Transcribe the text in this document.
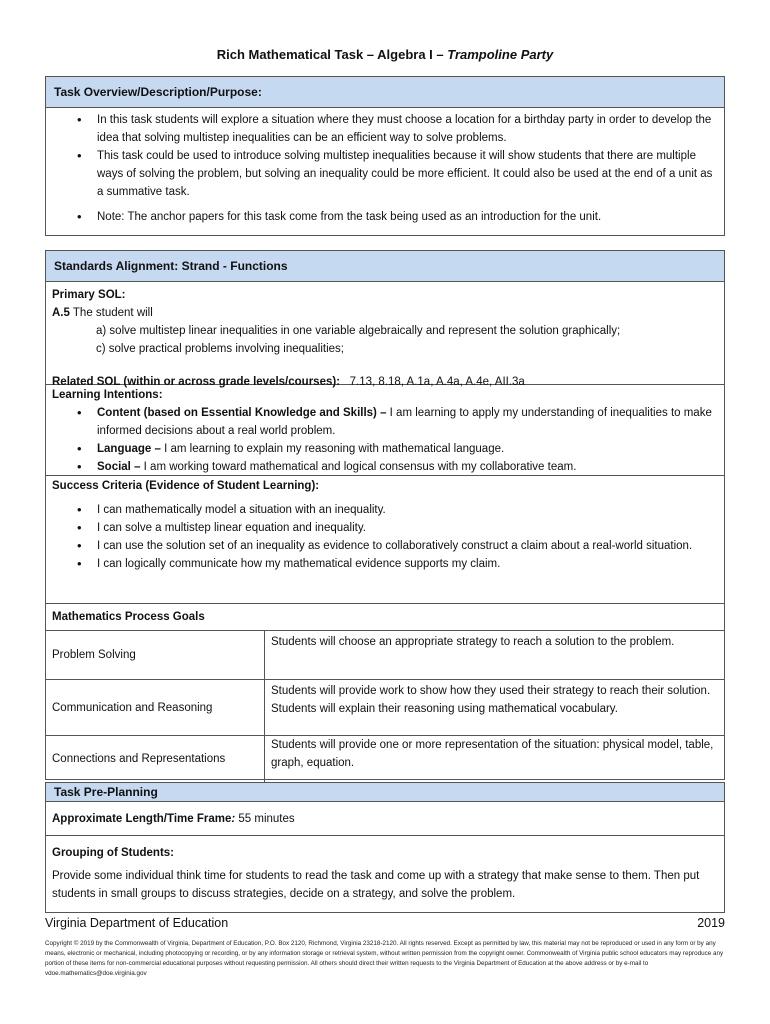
Rich Mathematical Task – Algebra I – Trampoline Party
Task Overview/Description/Purpose:
• In this task students will explore a situation where they must choose a location for a birthday party in order to develop the idea that solving multistep inequalities can be an efficient way to solve problems.
• This task could be used to introduce solving multistep inequalities because it will show students that there are multiple ways of solving the problem, but solving an inequality could be more efficient. It could also be used at the end of a unit as a summative task.
• Note: The anchor papers for this task come from the task being used as an introduction for the unit.
Standards Alignment: Strand - Functions
Primary SOL:
A.5 The student will
a) solve multistep linear inequalities in one variable algebraically and represent the solution graphically;
c) solve practical problems involving inequalities;
Related SOL (within or across grade levels/courses): 7.13, 8.18, A.1a, A.4a, A.4e, AII.3a
Learning Intentions:
• Content (based on Essential Knowledge and Skills) – I am learning to apply my understanding of inequalities to make informed decisions about a real world problem.
• Language – I am learning to explain my reasoning with mathematical language.
• Social – I am working toward mathematical and logical consensus with my collaborative team.
Success Criteria (Evidence of Student Learning):
• I can mathematically model a situation with an inequality.
• I can solve a multistep linear equation and inequality.
• I can use the solution set of an inequality as evidence to collaboratively construct a claim about a real-world situation.
• I can logically communicate how my mathematical evidence supports my claim.
Mathematics Process Goals
Problem Solving
Students will choose an appropriate strategy to reach a solution to the problem.
Communication and Reasoning
Students will provide work to show how they used their strategy to reach their solution.
Students will explain their reasoning using mathematical vocabulary.
Connections and Representations
Students will provide one or more representation of the situation: physical model, table, graph, equation.
Task Pre-Planning
Approximate Length/Time Frame: 55 minutes
Grouping of Students:
Provide some individual think time for students to read the task and come up with a strategy that make sense to them. Then put students in small groups to discuss strategies, decide on a strategy, and solve the problem.
Virginia Department of Education	2019
Copyright © 2019 by the Commonwealth of Virginia, Department of Education, P.O. Box 2120, Richmond, Virginia 23218-2120. All rights reserved. Except as permitted by law, this material may not be reproduced or used in any form or by any means, electronic or mechanical, including photocopying or recording, or by any information storage or retrieval system, without written permission from the copyright owner. Commonwealth of Virginia public school educators may reproduce any portion of these items for non-commercial educational purposes without requesting permission. All others should direct their written requests to the Virginia Department of Education at the above address or by e-mail to vdoe.mathematics@doe.virginia.gov
